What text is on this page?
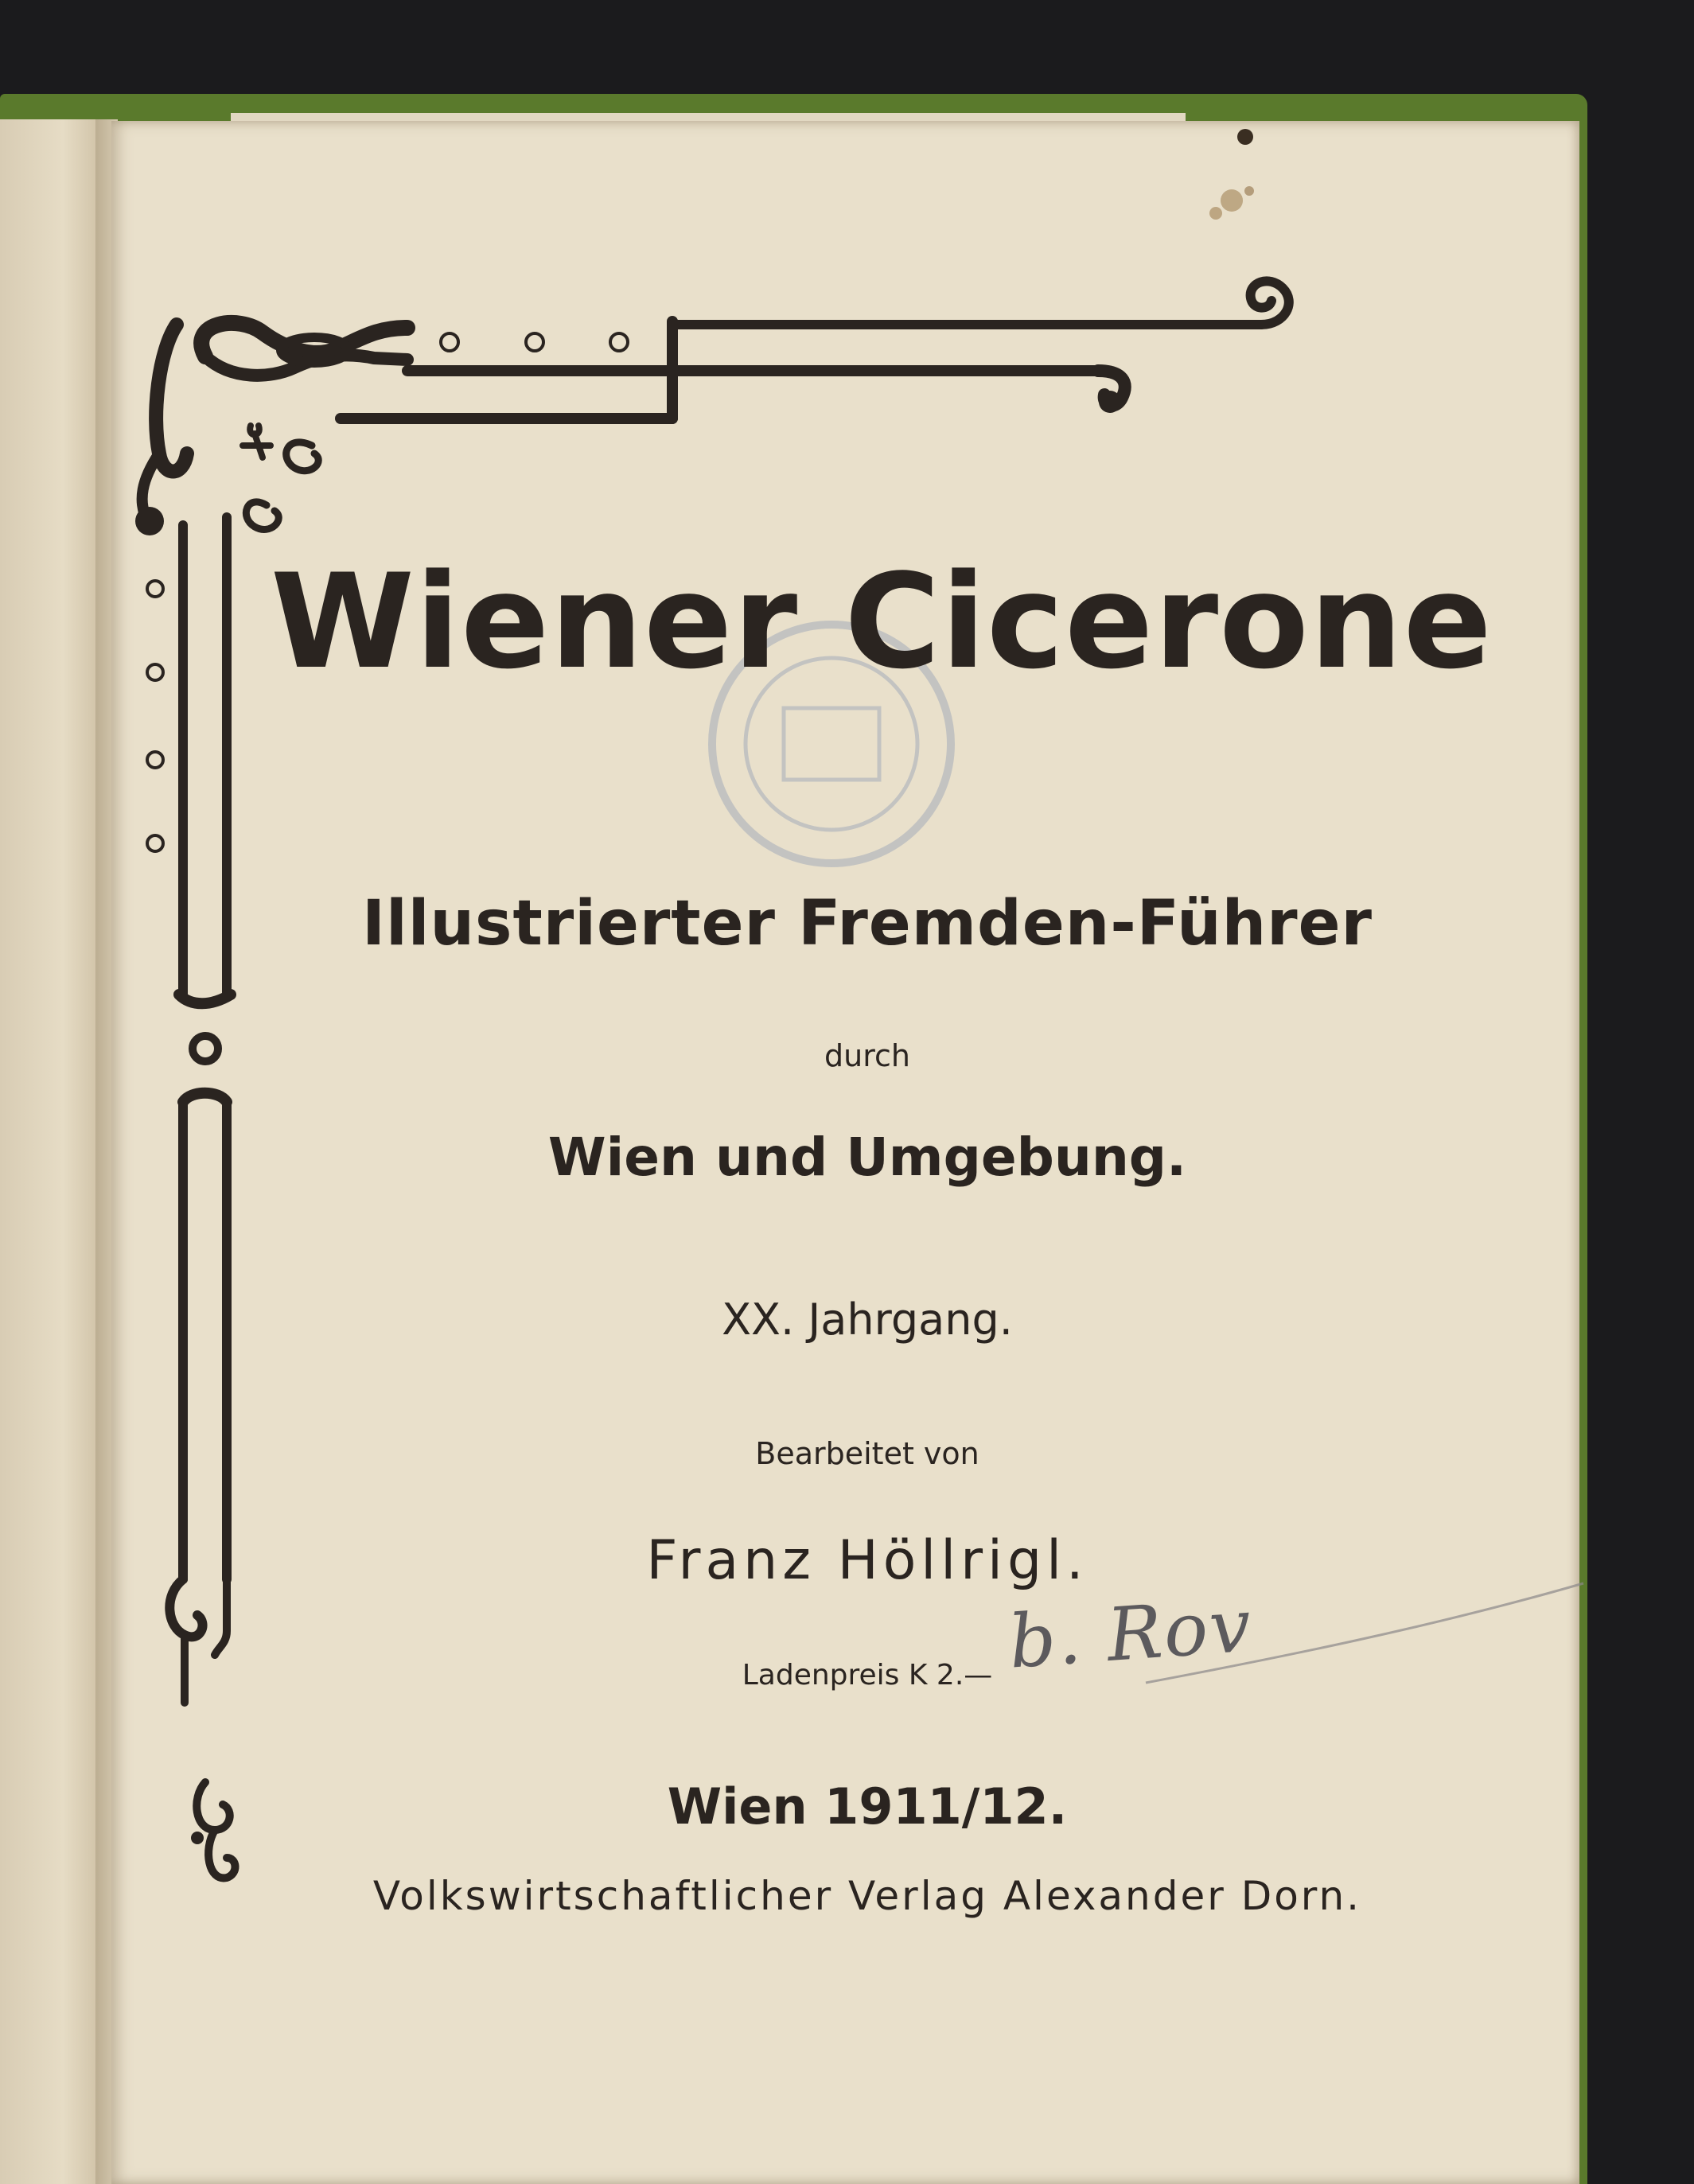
Wiener Cicerone

Illustrierter Fremden-Führer

durch

Wien und Umgebung.

XX. Jahrgang.

Bearbeitet von

Franz Höllrigl.

Ladenpreis K 2.—

Wien 1911/12.

Volkswirtschaftlicher Verlag Alexander Dorn.

b. Rov
